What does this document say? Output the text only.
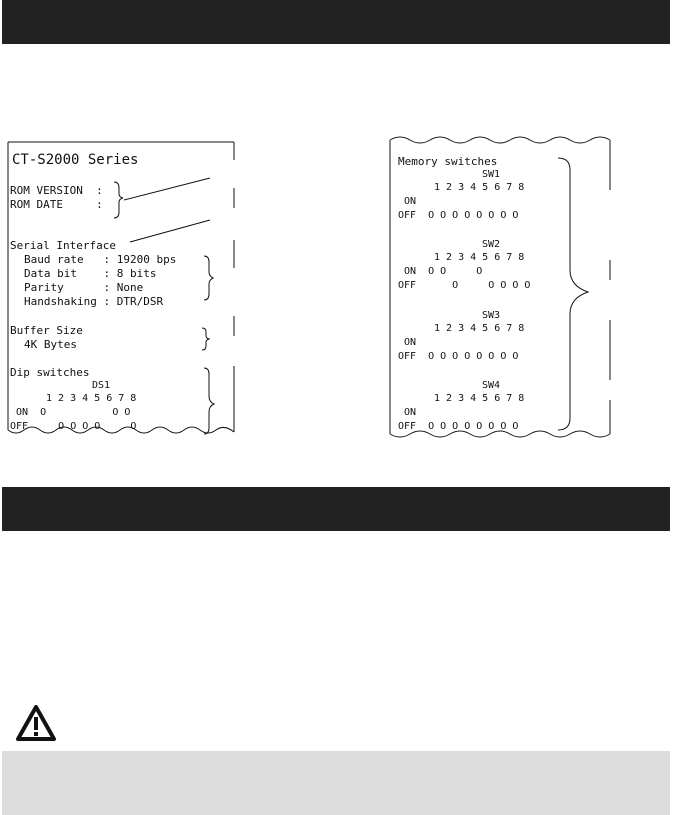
CT-S2000 Series
ROM VERSION  :
ROM DATE     :
Serial Interface
Baud rate   : 19200 bps
Data bit    : 8 bits
Parity      : None
Handshaking : DTR/DSR
Buffer Size
4K Bytes
Dip switches
DS1
1 2 3 4 5 6 7 8
ON  O           O O
OFF     O O O O     O
Memory switches
SW1
1 2 3 4 5 6 7 8
ON
OFF  O O O O O O O O
SW2
1 2 3 4 5 6 7 8
ON  O O     O
OFF      O     O O O O
SW3
1 2 3 4 5 6 7 8
ON
OFF  O O O O O O O O
SW4
1 2 3 4 5 6 7 8
ON
OFF  O O O O O O O O
